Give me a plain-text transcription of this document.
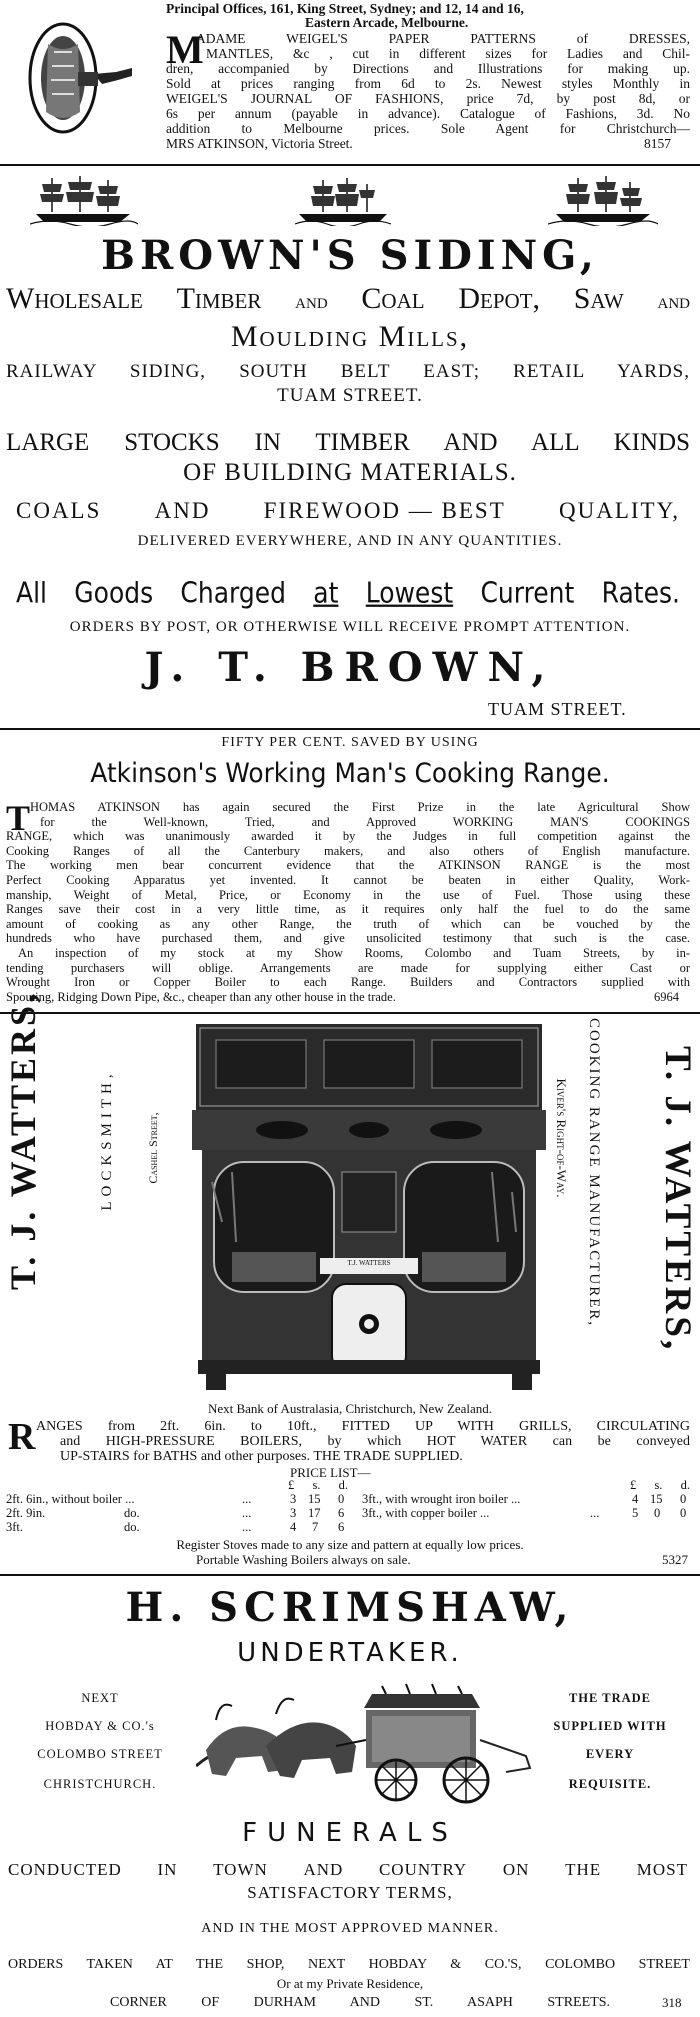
Principal Offices, 161, King Street, Sydney; and 12, 14 and 16,
Eastern Arcade, Melbourne.
M
ADAME WEIGEL'S PAPER PATTERNS of DRESSES,
MANTLES, &c , cut in different sizes for Ladies and Chil-
dren, accompanied by Directions and Illustrations for making up.
Sold at prices ranging from 6d to 2s. Newest styles Monthly in
WEIGEL'S JOURNAL OF FASHIONS, price 7d, by post 8d, or
6s per annum (payable in advance). Catalogue of Fashions, 3d. No
addition to Melbourne prices. Sole Agent for Christchurch—
MRS ATKINSON, Victoria Street.	8157
BROWN'S SIDING,
Wholesale Timber and Coal Depot, Saw and
Moulding Mills,
RAILWAY SIDING, SOUTH BELT EAST; RETAIL YARDS,
TUAM STREET.
LARGE STOCKS IN TIMBER AND ALL KINDS
OF BUILDING MATERIALS.
COALS AND FIREWOOD — BEST QUALITY,
DELIVERED EVERYWHERE, AND IN ANY QUANTITIES.
All Goods Charged at Lowest Current Rates.
ORDERS BY POST, OR OTHERWISE WILL RECEIVE PROMPT ATTENTION.
J. T. BROWN,
TUAM STREET.
FIFTY PER CENT. SAVED BY USING
Atkinson's Working Man's Cooking Range.
T HOMAS ATKINSON has again secured the First Prize in the late Agricultural Show
for the Well-known, Tried, and Approved WORKING MAN'S COOKINGS
RANGE, which was unanimously awarded it by the Judges in full competition against the
Cooking Ranges of all the Canterbury makers, and also others of English manufacture.
The working men bear concurrent evidence that the ATKINSON RANGE is the most
Perfect Cooking Apparatus yet invented. It cannot be beaten in either Quality, Work-
manship, Weight of Metal, Price, or Economy in the use of Fuel. Those using these
Ranges save their cost in a very little time, as it requires only half the fuel to do the same
amount of cooking as any other Range, the truth of which can be vouched by the
hundreds who have purchased them, and give unsolicited testimony that such is the case.
An inspection of my stock at my Show Rooms, Colombo and Tuam Streets, by in-
tending purchasers will oblige. Arrangements are made for supplying either Cast or
Wrought Iron or Copper Boiler to each Range. Builders and Contractors supplied with
Spouting, Ridging Down Pipe, &c., cheaper than any other house in the trade.	6964
T. J. WATTERS,	LOCKSMITH,	Cashel Street,
T.J. WATTERS	T. J. WATTERS,
COOKING RANGE MANUFACTURER,
Kiver's Right-of-Way.
Next Bank of Australasia, Christchurch, New Zealand.
R ANGES from 2ft. 6in. to 10ft., FITTED UP WITH GRILLS, CIRCULATING
and HIGH-PRESSURE BOILERS, by which HOT WATER can be conveyed
UP-STAIRS for BATHS and other purposes. THE TRADE SUPPLIED.
PRICE LIST—
£ s. d.
2ft. 6in., without boiler ...	...	3 15 0
2ft. 9in.	do.	...	3 17 6
3ft.	do.	...	4 7 6
£ s. d.
3ft., with wrought iron boiler ...	4 15 0
3ft., with copper boiler ...	...	5 0 0
Register Stoves made to any size and pattern at equally low prices.
Portable Washing Boilers always on sale.	5327
H. SCRIMSHAW,
UNDERTAKER.
NEXT
HOBDAY & CO.'s
COLOMBO STREET
CHRISTCHURCH.
THE TRADE
SUPPLIED WITH
EVERY
REQUISITE.
FUNERALS
CONDUCTED IN TOWN AND COUNTRY ON THE MOST
SATISFACTORY TERMS,
AND IN THE MOST APPROVED MANNER.
ORDERS TAKEN AT THE SHOP, NEXT HOBDAY & CO.'S, COLOMBO STREET
Or at my Private Residence,
CORNER OF DURHAM AND ST. ASAPH STREETS.	318
